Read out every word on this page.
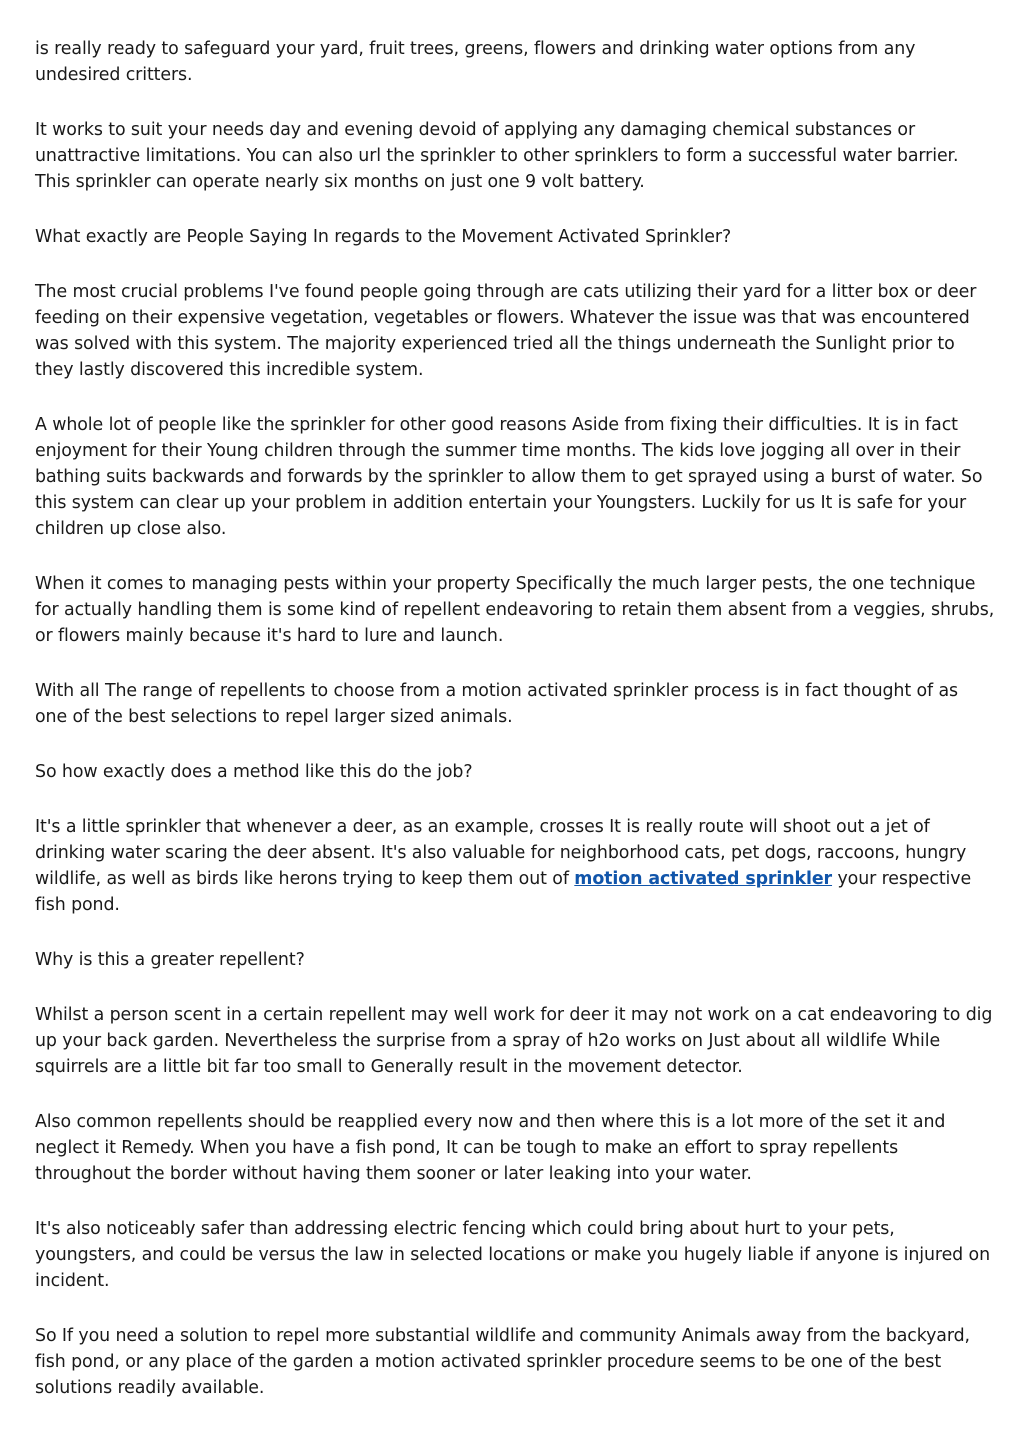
is really ready to safeguard your yard, fruit trees, greens, flowers and drinking water options from any undesired critters.

It works to suit your needs day and evening devoid of applying any damaging chemical substances or unattractive limitations. You can also url the sprinkler to other sprinklers to form a successful water barrier. This sprinkler can operate nearly six months on just one 9 volt battery.

What exactly are People Saying In regards to the Movement Activated Sprinkler?

The most crucial problems I've found people going through are cats utilizing their yard for a litter box or deer feeding on their expensive vegetation, vegetables or flowers. Whatever the issue was that was encountered was solved with this system. The majority experienced tried all the things underneath the Sunlight prior to they lastly discovered this incredible system.

A whole lot of people like the sprinkler for other good reasons Aside from fixing their difficulties. It is in fact enjoyment for their Young children through the summer time months. The kids love jogging all over in their bathing suits backwards and forwards by the sprinkler to allow them to get sprayed using a burst of water. So this system can clear up your problem in addition entertain your Youngsters. Luckily for us It is safe for your children up close also.

When it comes to managing pests within your property Specifically the much larger pests, the one technique for actually handling them is some kind of repellent endeavoring to retain them absent from a veggies, shrubs, or flowers mainly because it's hard to lure and launch.

With all The range of repellents to choose from a motion activated sprinkler process is in fact thought of as one of the best selections to repel larger sized animals.

So how exactly does a method like this do the job?

It's a little sprinkler that whenever a deer, as an example, crosses It is really route will shoot out a jet of drinking water scaring the deer absent. It's also valuable for neighborhood cats, pet dogs, raccoons, hungry wildlife, as well as birds like herons trying to keep them out of motion activated sprinkler your respective fish pond.

Why is this a greater repellent?

Whilst a person scent in a certain repellent may well work for deer it may not work on a cat endeavoring to dig up your back garden. Nevertheless the surprise from a spray of h2o works on Just about all wildlife While squirrels are a little bit far too small to Generally result in the movement detector.

Also common repellents should be reapplied every now and then where this is a lot more of the set it and neglect it Remedy. When you have a fish pond, It can be tough to make an effort to spray repellents throughout the border without having them sooner or later leaking into your water.

It's also noticeably safer than addressing electric fencing which could bring about hurt to your pets, youngsters, and could be versus the law in selected locations or make you hugely liable if anyone is injured on incident.

So If you need a solution to repel more substantial wildlife and community Animals away from the backyard, fish pond, or any place of the garden a motion activated sprinkler procedure seems to be one of the best solutions readily available.
